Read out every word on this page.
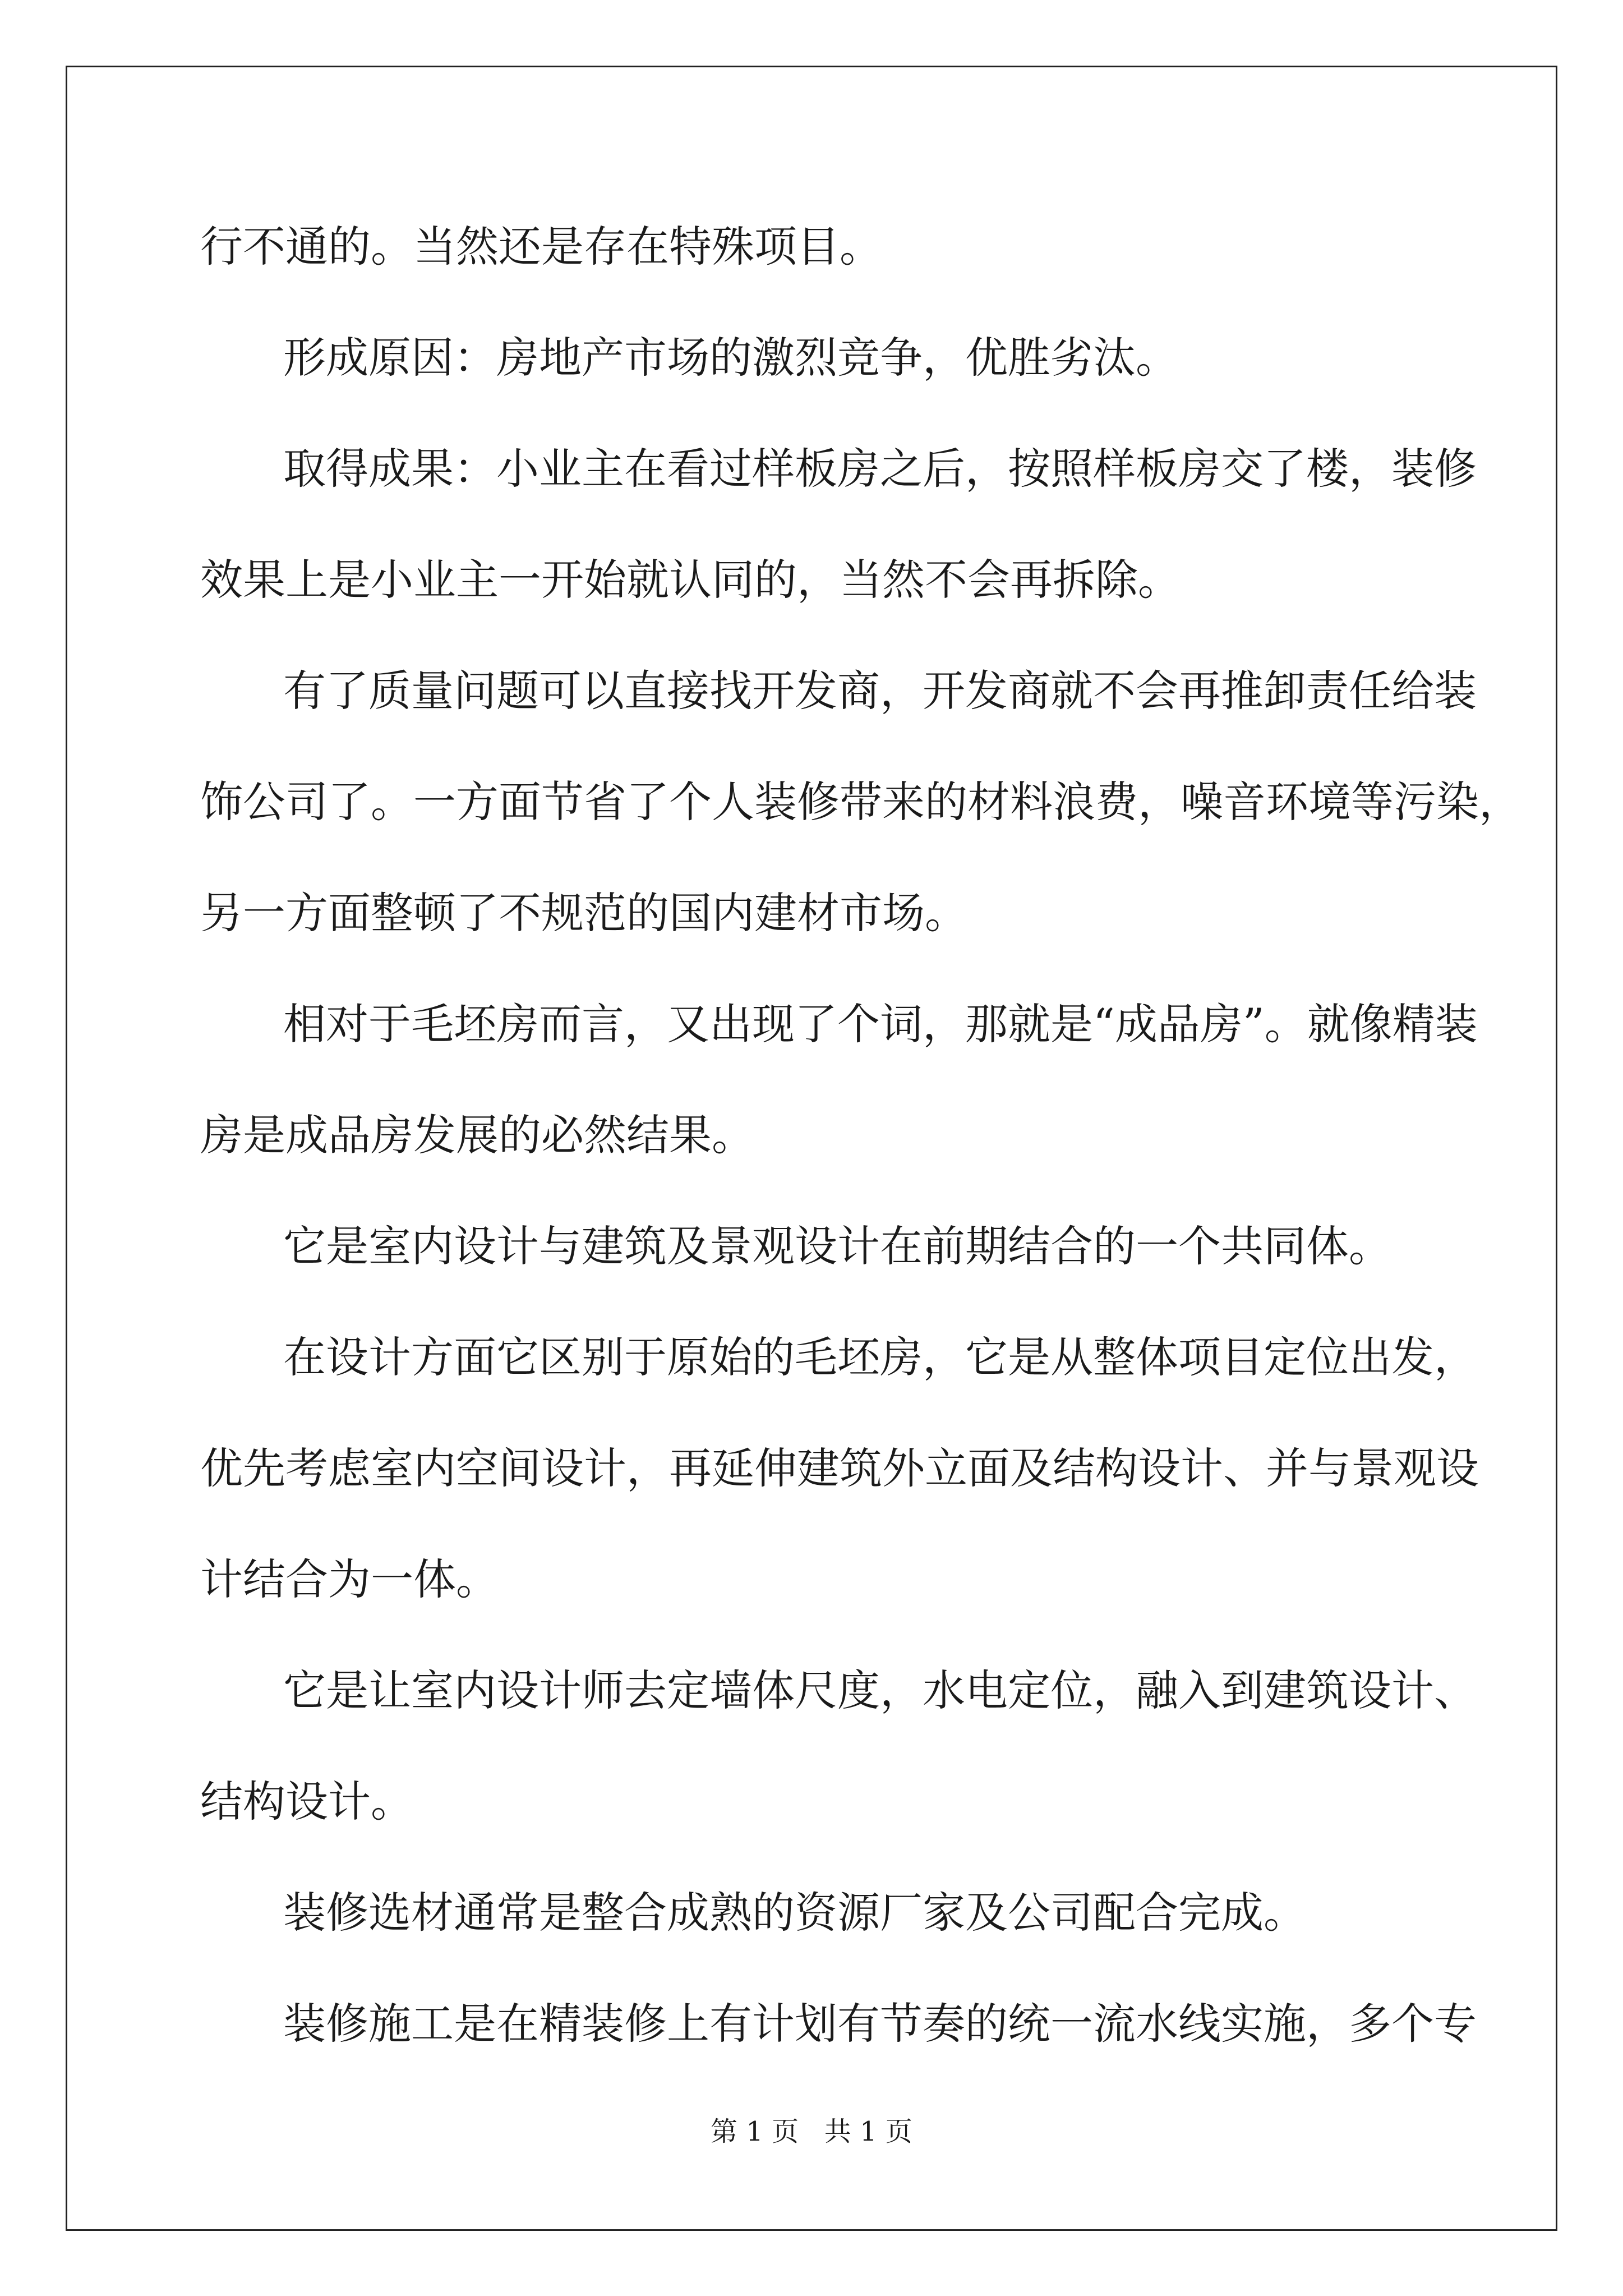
行不通的。当然还是存在特殊项目。
形成原因：房地产市场的激烈竞争，优胜劣汰。
取得成果：小业主在看过样板房之后，按照样板房交了楼，装修
效果上是小业主一开始就认同的，当然不会再拆除。
有了质量问题可以直接找开发商，开发商就不会再推卸责任给装
饰公司了。一方面节省了个人装修带来的材料浪费，噪音环境等污染，
另一方面整顿了不规范的国内建材市场。
相对于毛坯房而言，又出现了个词，那就是“成品房”。就像精装
房是成品房发展的必然结果。
它是室内设计与建筑及景观设计在前期结合的一个共同体。
在设计方面它区别于原始的毛坯房，它是从整体项目定位出发，
优先考虑室内空间设计，再延伸建筑外立面及结构设计、并与景观设
计结合为一体。
它是让室内设计师去定墙体尺度，水电定位，融入到建筑设计、
结构设计。
装修选材通常是整合成熟的资源厂家及公司配合完成。
装修施工是在精装修上有计划有节奏的统一流水线实施，多个专
第 1 页   共 1 页
